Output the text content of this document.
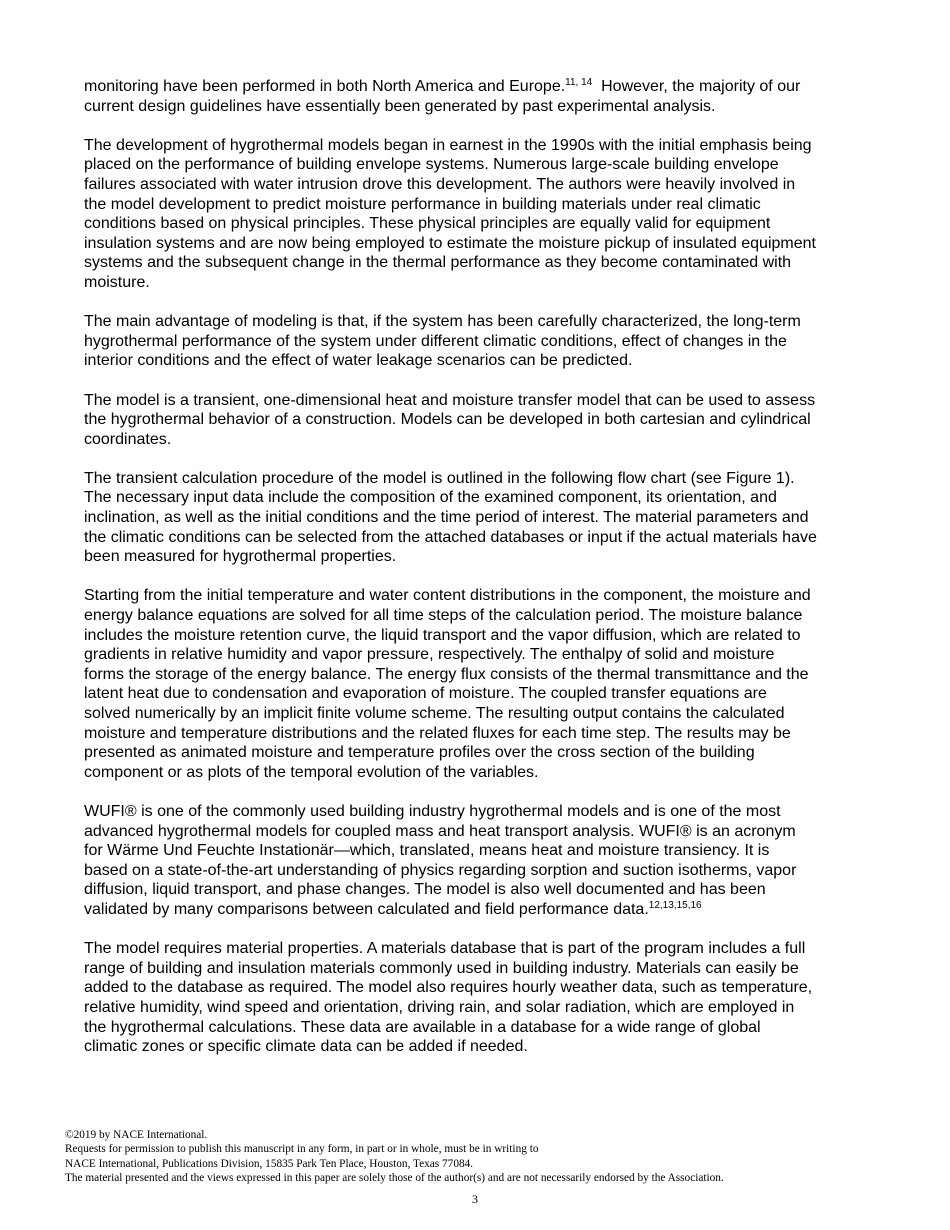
monitoring have been performed in both North America and Europe.$^{11, 14}$  However, the majority of our
current design guidelines have essentially been generated by past experimental analysis.
The development of hygrothermal models began in earnest in the 1990s with the initial emphasis being
placed on the performance of building envelope systems. Numerous large-scale building envelope
failures associated with water intrusion drove this development. The authors were heavily involved in
the model development to predict moisture performance in building materials under real climatic
conditions based on physical principles. These physical principles are equally valid for equipment
insulation systems and are now being employed to estimate the moisture pickup of insulated equipment
systems and the subsequent change in the thermal performance as they become contaminated with
moisture.
The main advantage of modeling is that, if the system has been carefully characterized, the long-term
hygrothermal performance of the system under different climatic conditions, effect of changes in the
interior conditions and the effect of water leakage scenarios can be predicted.
The model is a transient, one-dimensional heat and moisture transfer model that can be used to assess
the hygrothermal behavior of a construction. Models can be developed in both cartesian and cylindrical
coordinates.
The transient calculation procedure of the model is outlined in the following flow chart (see Figure 1).
The necessary input data include the composition of the examined component, its orientation, and
inclination, as well as the initial conditions and the time period of interest. The material parameters and
the climatic conditions can be selected from the attached databases or input if the actual materials have
been measured for hygrothermal properties.
Starting from the initial temperature and water content distributions in the component, the moisture and
energy balance equations are solved for all time steps of the calculation period. The moisture balance
includes the moisture retention curve, the liquid transport and the vapor diffusion, which are related to
gradients in relative humidity and vapor pressure, respectively. The enthalpy of solid and moisture
forms the storage of the energy balance. The energy flux consists of the thermal transmittance and the
latent heat due to condensation and evaporation of moisture. The coupled transfer equations are
solved numerically by an implicit finite volume scheme. The resulting output contains the calculated
moisture and temperature distributions and the related fluxes for each time step. The results may be
presented as animated moisture and temperature profiles over the cross section of the building
component or as plots of the temporal evolution of the variables.
WUFI® is one of the commonly used building industry hygrothermal models and is one of the most
advanced hygrothermal models for coupled mass and heat transport analysis. WUFI® is an acronym
for Wärme Und Feuchte Instationär—which, translated, means heat and moisture transiency. It is
based on a state-of-the-art understanding of physics regarding sorption and suction isotherms, vapor
diffusion, liquid transport, and phase changes. The model is also well documented and has been
validated by many comparisons between calculated and field performance data.$^{12,13,15,16}$
The model requires material properties. A materials database that is part of the program includes a full
range of building and insulation materials commonly used in building industry. Materials can easily be
added to the database as required. The model also requires hourly weather data, such as temperature,
relative humidity, wind speed and orientation, driving rain, and solar radiation, which are employed in
the hygrothermal calculations. These data are available in a database for a wide range of global
climatic zones or specific climate data can be added if needed.
©2019 by NACE International.
Requests for permission to publish this manuscript in any form, in part or in whole, must be in writing to
NACE International, Publications Division, 15835 Park Ten Place, Houston, Texas 77084.
The material presented and the views expressed in this paper are solely those of the author(s) and are not necessarily endorsed by the Association.
3
